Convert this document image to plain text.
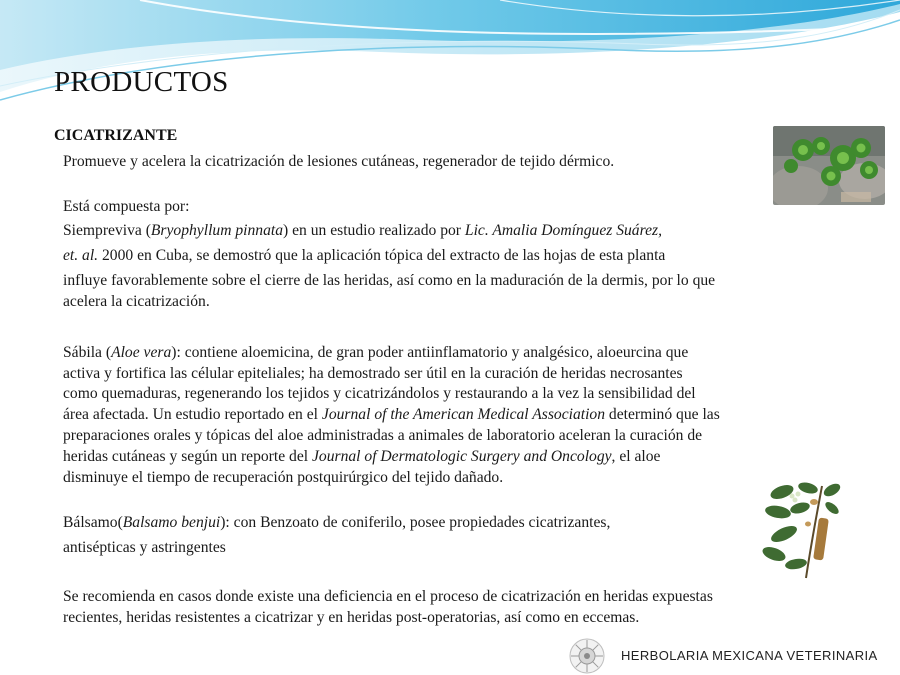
PRODUCTOS
CICATRIZANTE

Promueve y acelera la cicatrización de lesiones cutáneas, regenerador de tejido dérmico.

Está compuesta por:

Siempreviva (Bryophyllum pinnata) en un estudio realizado por Lic. Amalia Domínguez Suárez,

et. al. 2000 en Cuba, se demostró que la aplicación tópica del extracto de las hojas de esta planta

influye favorablemente sobre el cierre de las heridas, así como en la maduración de la dermis, por lo que

acelera la cicatrización.

Sábila (Aloe vera): contiene aloemicina, de gran poder antiinflamatorio y analgésico, aloeurcina que

activa y fortifica las célular epiteliales; ha demostrado ser útil en la curación de heridas necrosantes

como quemaduras, regenerando los tejidos y cicatrizándolos y restaurando a la vez la sensibilidad del

área afectada. Un estudio reportado en el Journal of the American Medical Association determinó que las

preparaciones orales y tópicas del aloe administradas a animales de laboratorio aceleran la curación de

heridas cutáneas y según un reporte del Journal of Dermatologic Surgery and Oncology, el aloe

disminuye el tiempo de recuperación postquirúrgico del tejido dañado.

Bálsamo(Balsamo benjui): con Benzoato de coniferilo, posee propiedades cicatrizantes,

antisépticas y astringentes

Se recomienda en casos donde existe una deficiencia en el proceso de cicatrización en heridas expuestas

recientes, heridas resistentes a cicatrizar y en heridas post-operatorias, así como en eccemas.

HERBOLARIA MEXICANA VETERINARIA
